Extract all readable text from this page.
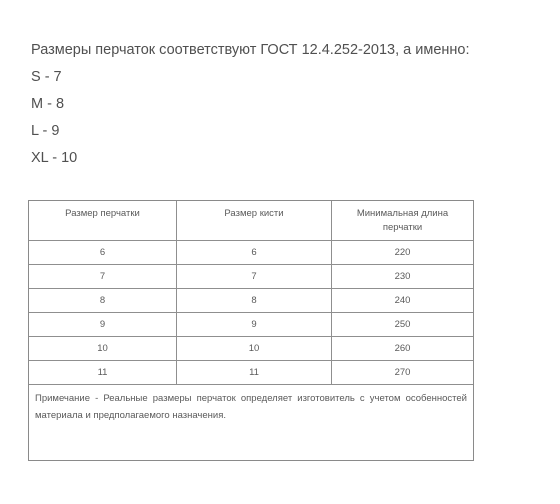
Размеры перчаток соответствуют ГОСТ 12.4.252-2013, а именно:

S - 7

M - 8

L - 9

XL - 10

Размер перчатки	Размер кисти	Минимальная длина перчатки
6	6	220
7	7	230
8	8	240
9	9	250
10	10	260
11	11	270
Примечание - Реальные размеры перчаток определяет изготовитель с учетом особенностей материала и предполагаемого назначения.
